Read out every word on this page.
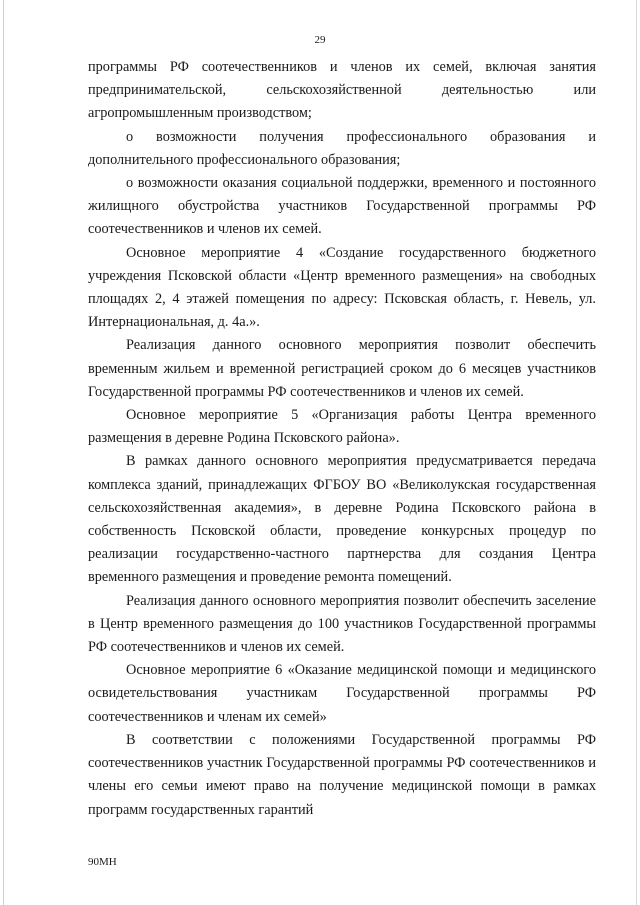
29

программы РФ соотечественников и членов их семей, включая занятия предпринимательской, сельскохозяйственной деятельностью или агропромышленным производством;

о возможности получения профессионального образования и дополнительного профессионального образования;

о возможности оказания социальной поддержки, временного и постоянного жилищного обустройства участников Государственной программы РФ соотечественников и членов их семей.

Основное мероприятие 4 «Создание государственного бюджетного учреждения Псковской области «Центр временного размещения» на свободных площадях 2, 4 этажей помещения по адресу: Псковская область, г. Невель, ул. Интернациональная, д. 4а.».

Реализация данного основного мероприятия позволит обеспечить временным жильем и временной регистрацией сроком до 6 месяцев участников Государственной программы РФ соотечественников и членов их семей.

Основное мероприятие 5 «Организация работы Центра временного размещения в деревне Родина Псковского района».

В рамках данного основного мероприятия предусматривается передача комплекса зданий, принадлежащих ФГБОУ ВО «Великолукская государственная сельскохозяйственная академия», в деревне Родина Псковского района в собственность Псковской области, проведение конкурсных процедур по реализации государственно-частного партнерства для создания Центра временного размещения и проведение ремонта помещений.

Реализация данного основного мероприятия позволит обеспечить заселение в Центр временного размещения до 100 участников Государственной программы РФ соотечественников и членов их семей.

Основное мероприятие 6 «Оказание медицинской помощи и медицинского освидетельствования участникам Государственной программы РФ соотечественников и членам их семей»

В соответствии с положениями Государственной программы РФ соотечественников участник Государственной программы РФ соотечественников и члены его семьи имеют право на получение медицинской помощи в рамках программ государственных гарантий

90МН
